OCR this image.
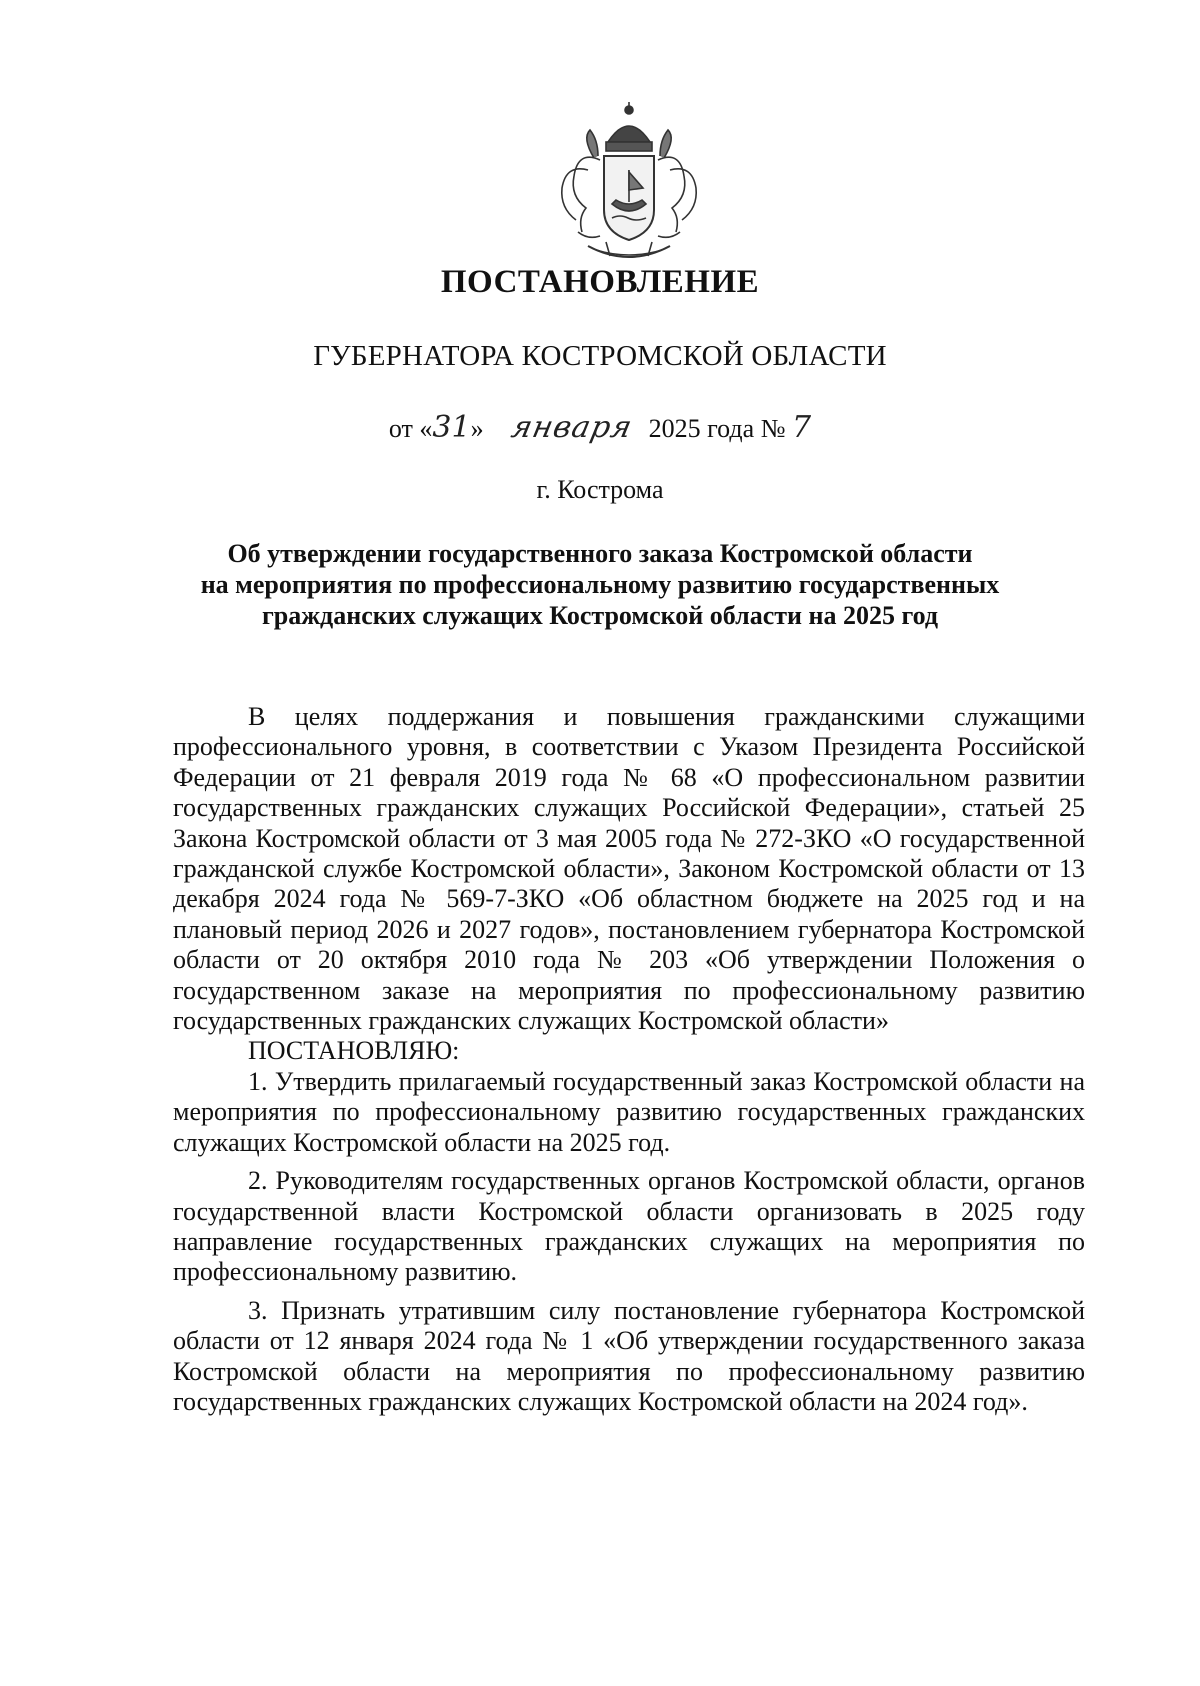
ПОСТАНОВЛЕНИЕ
ГУБЕРНАТОРА КОСТРОМСКОЙ ОБЛАСТИ
от «31» января 2025 года № 7
г. Кострома
Об утверждении государственного заказа Костромской области
на мероприятия по профессиональному развитию государственных
гражданских служащих Костромской области на 2025 год

В целях поддержания и повышения гражданскими служащими профессионального уровня, в соответствии с Указом Президента Российской Федерации от 21 февраля 2019 года № 68 «О профессиональном развитии государственных гражданских служащих Российской Федерации», статьей 25 Закона Костромской области от 3 мая 2005 года № 272-ЗКО «О государственной гражданской службе Костромской области», Законом Костромской области от 13 декабря 2024 года № 569-7-ЗКО «Об областном бюджете на 2025 год и на плановый период 2026 и 2027 годов», постановлением губернатора Костромской области от 20 октября 2010 года № 203 «Об утверждении Положения о государственном заказе на мероприятия по профессиональному развитию государственных гражданских служащих Костромской области»

ПОСТАНОВЛЯЮ:

1. Утвердить прилагаемый государственный заказ Костромской области на мероприятия по профессиональному развитию государственных гражданских служащих Костромской области на 2025 год.

2. Руководителям государственных органов Костромской области, органов государственной власти Костромской области организовать в 2025 году направление государственных гражданских служащих на мероприятия по профессиональному развитию.

3. Признать утратившим силу постановление губернатора Костромской области от 12 января 2024 года № 1 «Об утверждении государственного заказа Костромской области на мероприятия по профессиональному развитию государственных гражданских служащих Костромской области на 2024 год».
